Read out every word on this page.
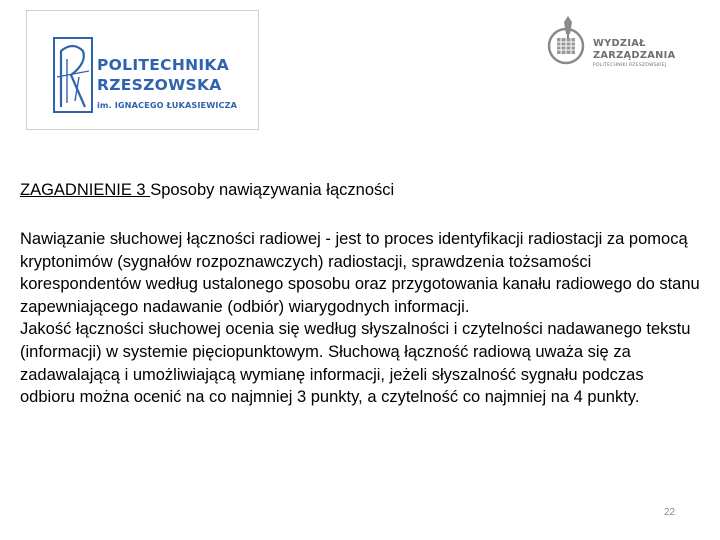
POLITECHNIKA
RZESZOWSKA
im. IGNACEGO ŁUKASIEWICZA
WYDZIAŁ
ZARZĄDZANIA
POLITECHNIKI RZESZOWSKIEJ
ZAGADNIENIE 3 Sposoby nawiązywania łączności

Nawiązanie słuchowej łączności radiowej - jest to proces identyfikacji radiostacji za pomocą kryptonimów (sygnałów rozpoznawczych) radiostacji, sprawdzenia tożsamości korespondentów według ustalonego sposobu oraz przygotowania kanału radiowego do stanu zapewniającego nadawanie (odbiór) wiarygodnych informacji.

Jakość łączności słuchowej ocenia się według słyszalności i czytelności nadawanego tekstu (informacji) w systemie pięciopunktowym. Słuchową łączność radiową uważa się za zadawalającą i umożliwiającą wymianę informacji, jeżeli słyszalność sygnału podczas odbioru można ocenić na co najmniej 3 punkty, a czytelność co najmniej na 4 punkty.

22
